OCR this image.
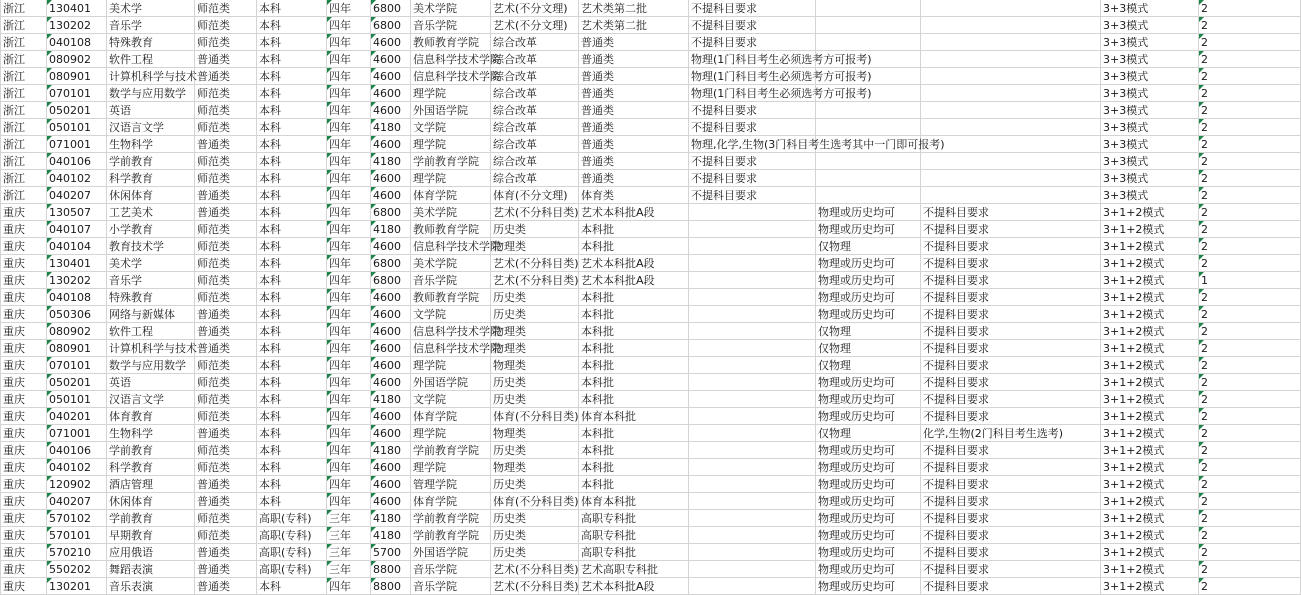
浙江	130401	美术学	师范类	本科	四年	6800	美术学院	艺术(不分文理)	艺术类第二批	不提科目要求			3+3模式	2
浙江	130202	音乐学	师范类	本科	四年	6800	音乐学院	艺术(不分文理)	艺术类第二批	不提科目要求			3+3模式	2
浙江	040108	特殊教育	师范类	本科	四年	4600	教师教育学院	综合改革	普通类	不提科目要求			3+3模式	2
浙江	080902	软件工程	普通类	本科	四年	4600	信息科学技术学院	综合改革	普通类	物理(1门科目考生必须选考方可报考)			3+3模式	2
浙江	080901	计算机科学与技术	普通类	本科	四年	4600	信息科学技术学院	综合改革	普通类	物理(1门科目考生必须选考方可报考)			3+3模式	2
浙江	070101	数学与应用数学	师范类	本科	四年	4600	理学院	综合改革	普通类	物理(1门科目考生必须选考方可报考)			3+3模式	2
浙江	050201	英语	师范类	本科	四年	4600	外国语学院	综合改革	普通类	不提科目要求			3+3模式	2
浙江	050101	汉语言文学	师范类	本科	四年	4180	文学院	综合改革	普通类	不提科目要求			3+3模式	2
浙江	071001	生物科学	普通类	本科	四年	4600	理学院	综合改革	普通类	物理,化学,生物(3门科目考生选考其中一门即可报考)			3+3模式	2
浙江	040106	学前教育	师范类	本科	四年	4180	学前教育学院	综合改革	普通类	不提科目要求			3+3模式	2
浙江	040102	科学教育	师范类	本科	四年	4600	理学院	综合改革	普通类	不提科目要求			3+3模式	2
浙江	040207	休闲体育	普通类	本科	四年	4600	体育学院	体育(不分文理)	体育类	不提科目要求			3+3模式	2
重庆	130507	工艺美术	普通类	本科	四年	6800	美术学院	艺术(不分科目类)	艺术本科批A段		物理或历史均可	不提科目要求	3+1+2模式	2
重庆	040107	小学教育	师范类	本科	四年	4180	教师教育学院	历史类	本科批		物理或历史均可	不提科目要求	3+1+2模式	2
重庆	040104	教育技术学	师范类	本科	四年	4600	信息科学技术学院	物理类	本科批		仅物理	不提科目要求	3+1+2模式	2
重庆	130401	美术学	师范类	本科	四年	6800	美术学院	艺术(不分科目类)	艺术本科批A段		物理或历史均可	不提科目要求	3+1+2模式	2
重庆	130202	音乐学	师范类	本科	四年	6800	音乐学院	艺术(不分科目类)	艺术本科批A段		物理或历史均可	不提科目要求	3+1+2模式	1
重庆	040108	特殊教育	师范类	本科	四年	4600	教师教育学院	历史类	本科批		物理或历史均可	不提科目要求	3+1+2模式	2
重庆	050306	网络与新媒体	普通类	本科	四年	4600	文学院	历史类	本科批		物理或历史均可	不提科目要求	3+1+2模式	2
重庆	080902	软件工程	普通类	本科	四年	4600	信息科学技术学院	物理类	本科批		仅物理	不提科目要求	3+1+2模式	2
重庆	080901	计算机科学与技术	普通类	本科	四年	4600	信息科学技术学院	物理类	本科批		仅物理	不提科目要求	3+1+2模式	2
重庆	070101	数学与应用数学	师范类	本科	四年	4600	理学院	物理类	本科批		仅物理	不提科目要求	3+1+2模式	2
重庆	050201	英语	师范类	本科	四年	4600	外国语学院	历史类	本科批		物理或历史均可	不提科目要求	3+1+2模式	2
重庆	050101	汉语言文学	师范类	本科	四年	4180	文学院	历史类	本科批		物理或历史均可	不提科目要求	3+1+2模式	2
重庆	040201	体育教育	师范类	本科	四年	4600	体育学院	体育(不分科目类)	体育本科批		物理或历史均可	不提科目要求	3+1+2模式	2
重庆	071001	生物科学	普通类	本科	四年	4600	理学院	物理类	本科批		仅物理	化学,生物(2门科目考生选考)	3+1+2模式	2
重庆	040106	学前教育	师范类	本科	四年	4180	学前教育学院	历史类	本科批		物理或历史均可	不提科目要求	3+1+2模式	2
重庆	040102	科学教育	师范类	本科	四年	4600	理学院	物理类	本科批		物理或历史均可	不提科目要求	3+1+2模式	2
重庆	120902	酒店管理	普通类	本科	四年	4600	管理学院	历史类	本科批		物理或历史均可	不提科目要求	3+1+2模式	2
重庆	040207	休闲体育	普通类	本科	四年	4600	体育学院	体育(不分科目类)	体育本科批		物理或历史均可	不提科目要求	3+1+2模式	2
重庆	570102	学前教育	师范类	高职(专科)	三年	4180	学前教育学院	历史类	高职专科批		物理或历史均可	不提科目要求	3+1+2模式	2
重庆	570101	早期教育	师范类	高职(专科)	三年	4180	学前教育学院	历史类	高职专科批		物理或历史均可	不提科目要求	3+1+2模式	2
重庆	570210	应用俄语	普通类	高职(专科)	三年	5700	外国语学院	历史类	高职专科批		物理或历史均可	不提科目要求	3+1+2模式	2
重庆	550202	舞蹈表演	普通类	高职(专科)	三年	8800	音乐学院	艺术(不分科目类)	艺术高职专科批		物理或历史均可	不提科目要求	3+1+2模式	2
重庆	130201	音乐表演	普通类	本科	四年	8800	音乐学院	艺术(不分科目类)	艺术本科批A段		物理或历史均可	不提科目要求	3+1+2模式	2
